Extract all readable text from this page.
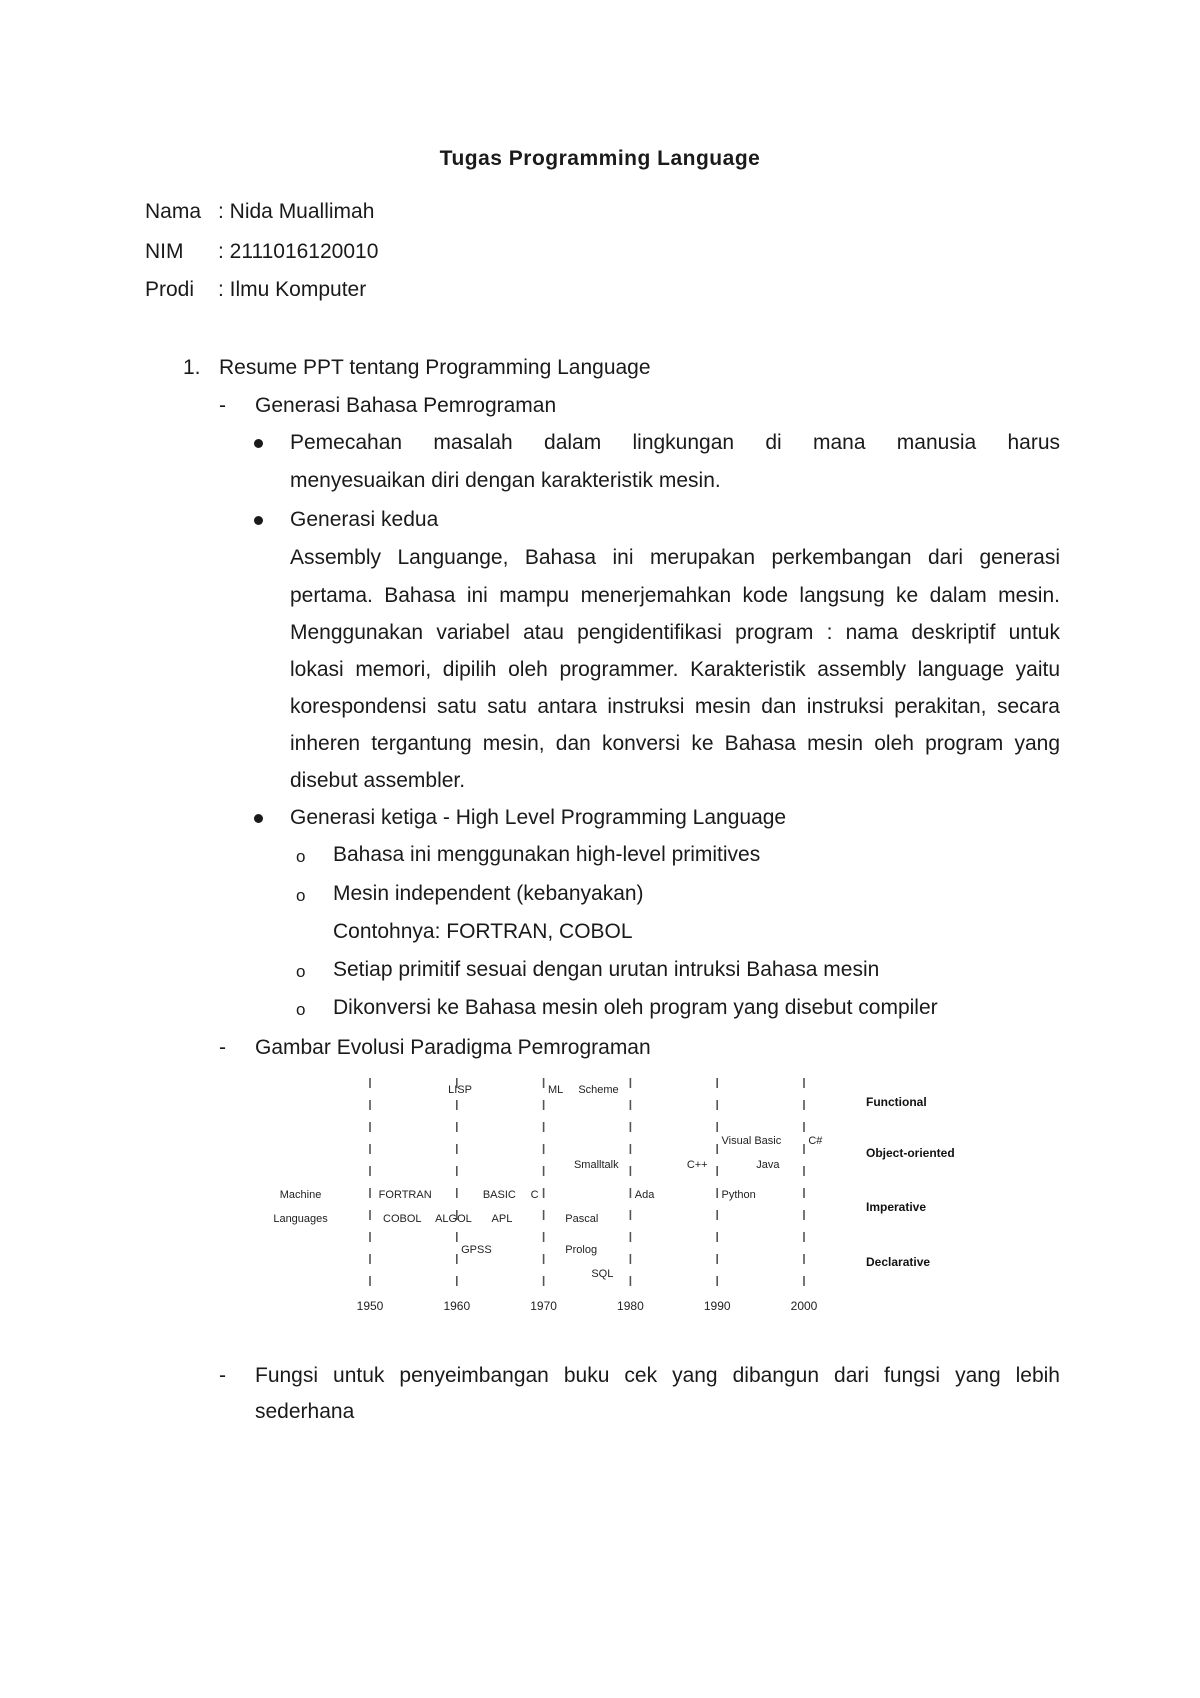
Tugas Programming Language
Nama : Nida Muallimah
NIM : 2111016120010
Prodi : Ilmu Komputer
1. Resume PPT tentang Programming Language
- Generasi Bahasa Pemrograman
Pemecahan masalah dalam lingkungan di mana manusia harus
menyesuaikan diri dengan karakteristik mesin.
Generasi kedua
Assembly Languange, Bahasa ini merupakan perkembangan dari generasi
pertama. Bahasa ini mampu menerjemahkan kode langsung ke dalam mesin.
Menggunakan variabel atau pengidentifikasi program : nama deskriptif untuk
lokasi memori, dipilih oleh programmer. Karakteristik assembly language yaitu
korespondensi satu satu antara instruksi mesin dan instruksi perakitan, secara
inheren tergantung mesin, dan konversi ke Bahasa mesin oleh program yang
disebut assembler.
Generasi ketiga - High Level Programming Language
o Bahasa ini menggunakan high-level primitives
o Mesin independent (kebanyakan)
Contohnya: FORTRAN, COBOL
o Setiap primitif sesuai dengan urutan intruksi Bahasa mesin
o Dikonversi ke Bahasa mesin oleh program yang disebut compiler
- Gambar Evolusi Paradigma Pemrograman
1950	1960	1970	1980	1990	2000
Functional
Object-oriented
Imperative
Declarative
LISP	ML Scheme
Visual Basic C#
Smalltalk	C++	Java
Machine
Languages
FORTRAN	BASIC C	Ada	Python
COBOL ALGOL APL	Pascal
GPSS	Prolog
SQL
- Fungsi untuk penyeimbangan buku cek yang dibangun dari fungsi yang lebih
sederhana
